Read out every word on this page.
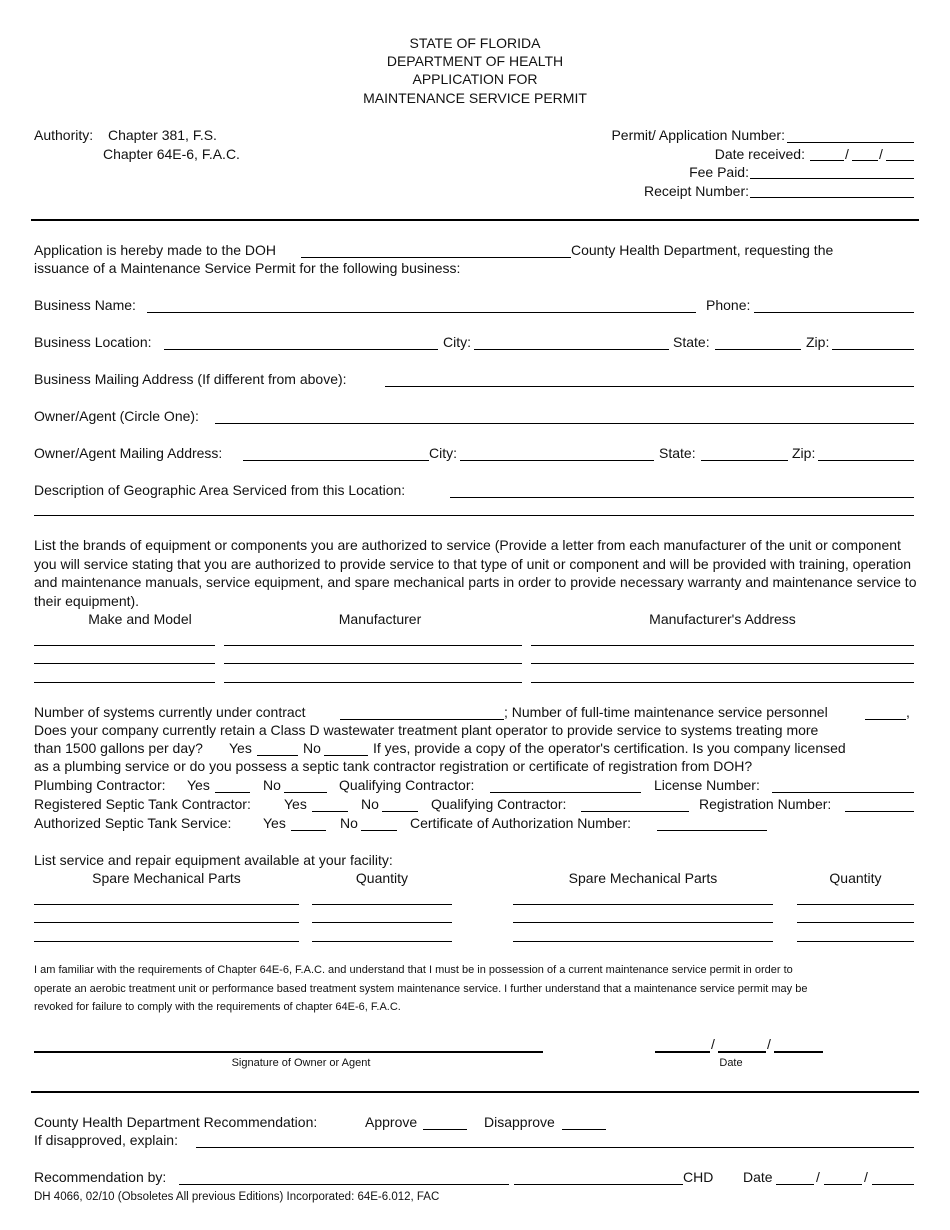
STATE OF FLORIDA
DEPARTMENT OF HEALTH
APPLICATION FOR
MAINTENANCE SERVICE PERMIT
Authority: Chapter 381, F.S.
Chapter 64E-6, F.A.C.
Permit/ Application Number:
Date received:	/ /
Fee Paid:
Receipt Number:
Application is hereby made to the DOH	County Health Department, requesting the
issuance of a Maintenance Service Permit for the following business:
Business Name:	Phone:
Business Location:	City:	State:	Zip:
Business Mailing Address (If different from above):
Owner/Agent (Circle One):
Owner/Agent Mailing Address:	City:	State:	Zip:
Description of Geographic Area Serviced from this Location:
List the brands of equipment or components you are authorized to service (Provide a letter from each manufacturer of the unit or component you will service stating that you are authorized to provide service to that type of unit or component and will be provided with training, operation and maintenance manuals, service equipment, and spare mechanical parts in order to provide necessary warranty and maintenance service to their equipment).
Make and Model	Manufacturer	Manufacturer's Address
Number of systems currently under contract	; Number of full-time maintenance service personnel	,
Does your company currently retain a Class D wastewater treatment plant operator to provide service to systems treating more
than 1500 gallons per day? Yes	No	If yes, provide a copy of the operator's certification. Is you company licensed
as a plumbing service or do you possess a septic tank contractor registration or certificate of registration from DOH?
Plumbing Contractor: Yes	No	Qualifying Contractor:	License Number:
Registered Septic Tank Contractor: Yes	No	Qualifying Contractor:	Registration Number:
Authorized Septic Tank Service: Yes	No	Certificate of Authorization Number:
List service and repair equipment available at your facility:
Spare Mechanical Parts	Quantity	Spare Mechanical Parts	Quantity
I am familiar with the requirements of Chapter 64E-6, F.A.C. and understand that I must be in possession of a current maintenance service permit in order to
operate an aerobic treatment unit or performance based treatment system maintenance service. I further understand that a maintenance service permit may be
revoked for failure to comply with the requirements of chapter 64E-6, F.A.C.
Signature of Owner or Agent
/	/
Date
County Health Department Recommendation:	Approve	Disapprove
If disapproved, explain:
Recommendation by:	CHD Date	/	/
DH 4066, 02/10 (Obsoletes All previous Editions) Incorporated: 64E-6.012, FAC
